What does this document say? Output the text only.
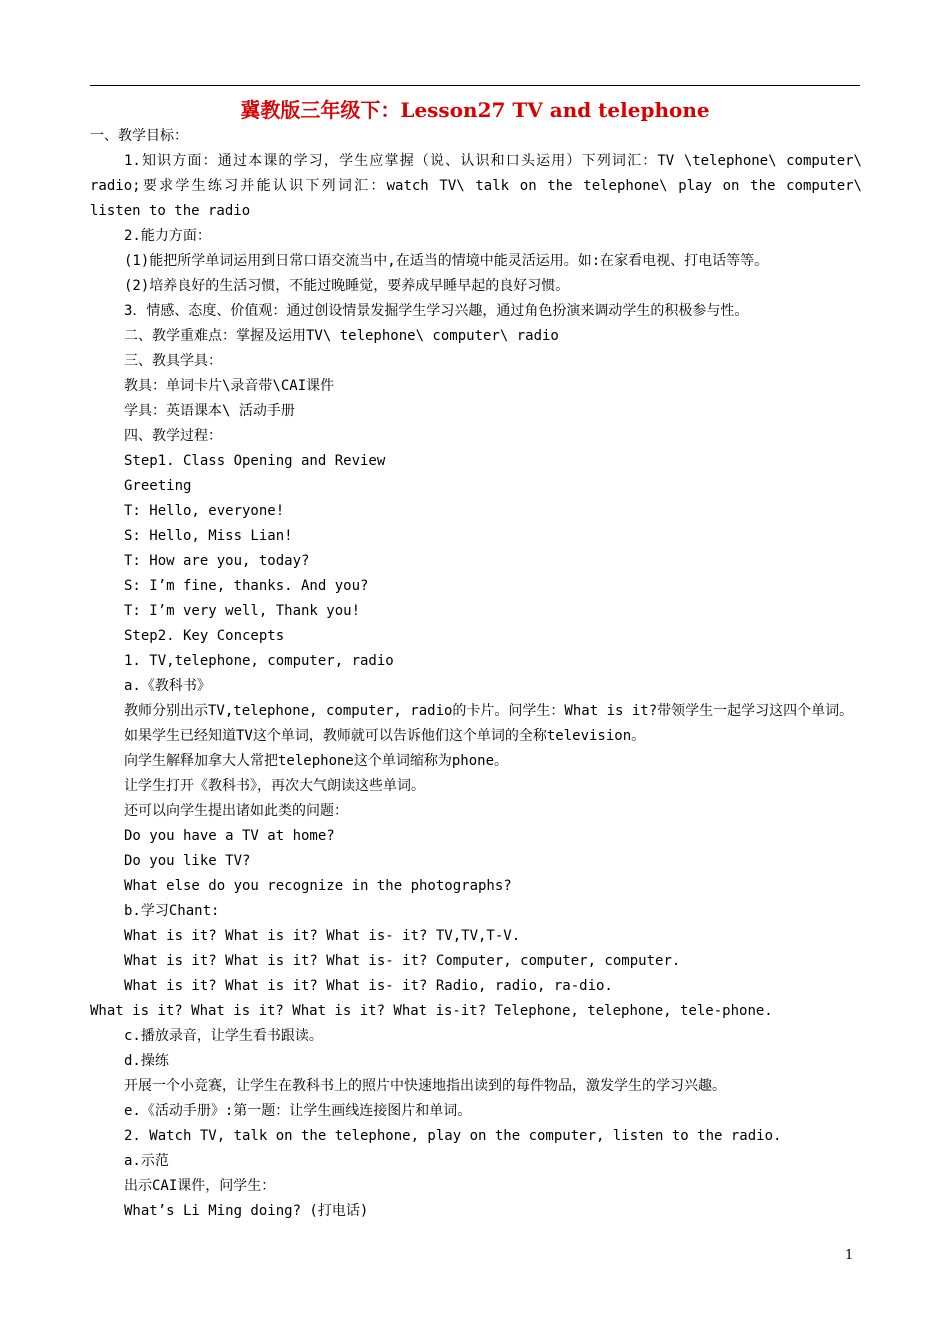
冀教版三年级下：Lesson27 TV and telephone
一、教学目标：
1.知识方面：通过本课的学习，学生应掌握（说、认识和口头运用）下列词汇：TV \telephone\ computer\ radio;要求学生练习并能认识下列词汇：watch TV\ talk on the telephone\ play on the computer\ listen to the radio
2.能力方面：
(1)能把所学单词运用到日常口语交流当中,在适当的情境中能灵活运用。如:在家看电视、打电话等等。
(2)培养良好的生活习惯，不能过晚睡觉，要养成早睡早起的良好习惯。
3．情感、态度、价值观：通过创设情景发掘学生学习兴趣，通过角色扮演来调动学生的积极参与性。
二、教学重难点：掌握及运用TV\ telephone\ computer\ radio
三、教具学具：
教具：单词卡片\录音带\CAI课件
学具：英语课本\ 活动手册
四、教学过程：
Step1. Class Opening and Review
Greeting
T: Hello, everyone!
S: Hello, Miss Lian!
T: How are you, today?
S: I’m fine, thanks. And you?
T: I’m very well, Thank you!
Step2. Key Concepts
1. TV,telephone, computer, radio
a.《教科书》
教师分别出示TV,telephone, computer, radio的卡片。问学生：What is it?带领学生一起学习这四个单词。
如果学生已经知道TV这个单词，教师就可以告诉他们这个单词的全称television。
向学生解释加拿大人常把telephone这个单词缩称为phone。
让学生打开《教科书》，再次大气朗读这些单词。
还可以向学生提出诸如此类的问题：
Do you have a TV at home?
Do you like TV?
What else do you recognize in the photographs?
b.学习Chant:
What is it? What is it? What is- it? TV,TV,T-V.
What is it? What is it? What is- it? Computer, computer, computer.
What is it? What is it? What is- it? Radio, radio, ra-dio.
What is it? What is it? What is it? What is-it? Telephone, telephone, tele-phone.
c.播放录音，让学生看书跟读。
d.操练
开展一个小竞赛，让学生在教科书上的照片中快速地指出读到的每件物品，激发学生的学习兴趣。
e.《活动手册》:第一题：让学生画线连接图片和单词。
2. Watch TV, talk on the telephone, play on the computer, listen to the radio.
a.示范
出示CAI课件，问学生：
What’s Li Ming doing? (打电话)
1
